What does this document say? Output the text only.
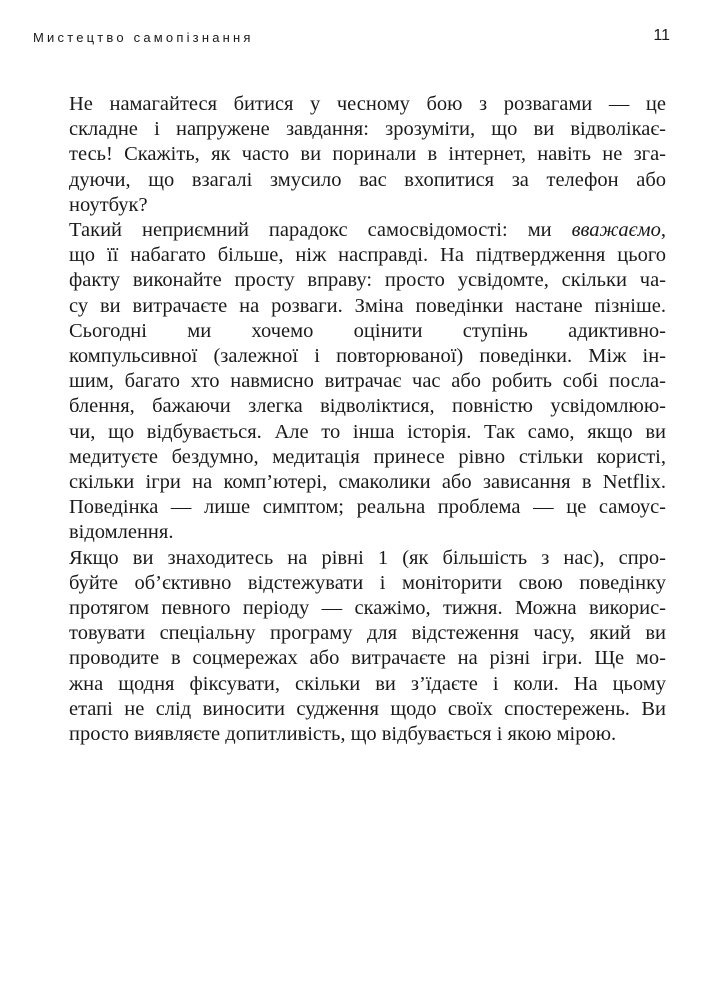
Мистецтво самопізнання	11
Не намагайтеся битися у чесному бою з розвагами — це
складне і напружене завдання: зрозуміти, що ви відволікає-
тесь! Скажіть, як часто ви поринали в інтернет, навіть не зга-
дуючи, що взагалі змусило вас вхопитися за телефон або
ноутбук?
Такий неприємний парадокс самосвідомості: ми вважаємо,
що її набагато більше, ніж насправді. На підтвердження цього
факту виконайте просту вправу: просто усвідомте, скільки ча-
су ви витрачаєте на розваги. Зміна поведінки настане пізніше.
Сьогодні ми хочемо оцінити ступінь адиктивно-
компульсивної (залежної і повторюваної) поведінки. Між ін-
шим, багато хто навмисно витрачає час або робить собі посла-
блення, бажаючи злегка відволіктися, повністю усвідомлюю-
чи, що відбувається. Але то інша історія. Так само, якщо ви
медитуєте бездумно, медитація принесе рівно стільки користі,
скільки ігри на комп’ютері, смаколики або зависання в Netflix.
Поведінка — лише симптом; реальна проблема — це самоус-
відомлення.
Якщо ви знаходитесь на рівні 1 (як більшість з нас), спро-
буйте об’єктивно відстежувати і моніторити свою поведінку
протягом певного періоду — скажімо, тижня. Можна викорис-
товувати спеціальну програму для відстеження часу, який ви
проводите в соцмережах або витрачаєте на різні ігри. Ще мо-
жна щодня фіксувати, скільки ви з’їдаєте і коли. На цьому
етапі не слід виносити судження щодо своїх спостережень. Ви
просто виявляєте допитливість, що відбувається і якою мірою.
